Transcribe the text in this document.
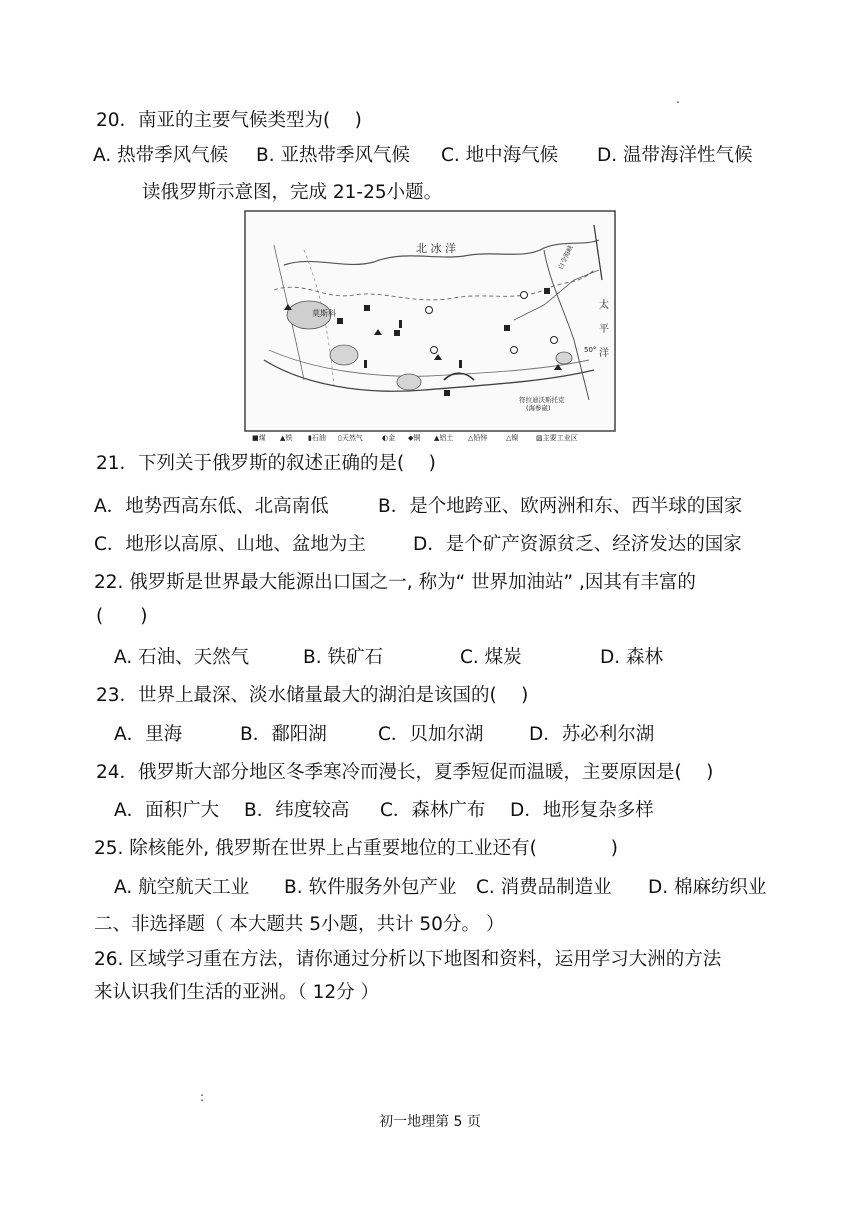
.
20．南亚的主要气候类型为(　 )
A. 热带季风气候 B. 亚热带季风气候 C. 地中海气候 D. 温带海洋性气候
读俄罗斯示意图，完成 21-25小题。
北 冰 洋
太
平
洋
莫斯科
符拉迪沃斯托克
(海参崴)
白令海峡
50°
■煤 ▲铁 ▮石油 ▯天然气	◐金 ◆铜 ▲铝土 △铅锌	△镍	▨主要工业区
21．下列关于俄罗斯的叙述正确的是(　 )
A．地势西高东低、北高南低	B．是个地跨亚、欧两洲和东、西半球的国家
C．地形以高原、山地、盆地为主	D．是个矿产资源贫乏、经济发达的国家
22. 俄罗斯是世界最大能源出口国之一, 称为“ 世界加油站” ,因其有丰富的
(　　)
A. 石油、天然气	B. 铁矿石	C. 煤炭	D. 森林
23．世界上最深、淡水储量最大的湖泊是该国的(　 )
A．里海	B．鄱阳湖	C．贝加尔湖 D．苏必利尔湖
24．俄罗斯大部分地区冬季寒冷而漫长，夏季短促而温暖，主要原因是(　 )
A．面积广大 B．纬度较高 C．森林广布 D．地形复杂多样
25. 除核能外, 俄罗斯在世界上占重要地位的工业还有(　　　　)
A. 航空航天工业 B. 软件服务外包产业 C. 消费品制造业 D. 棉麻纺织业
二、非选择题（ 本大题共 5小题，共计 50分。 ）
26. 区域学习重在方法，请你通过分析以下地图和资料，运用学习大洲的方法
来认识我们生活的亚洲。（ 12分 ）
:
初一地理第 5 页
